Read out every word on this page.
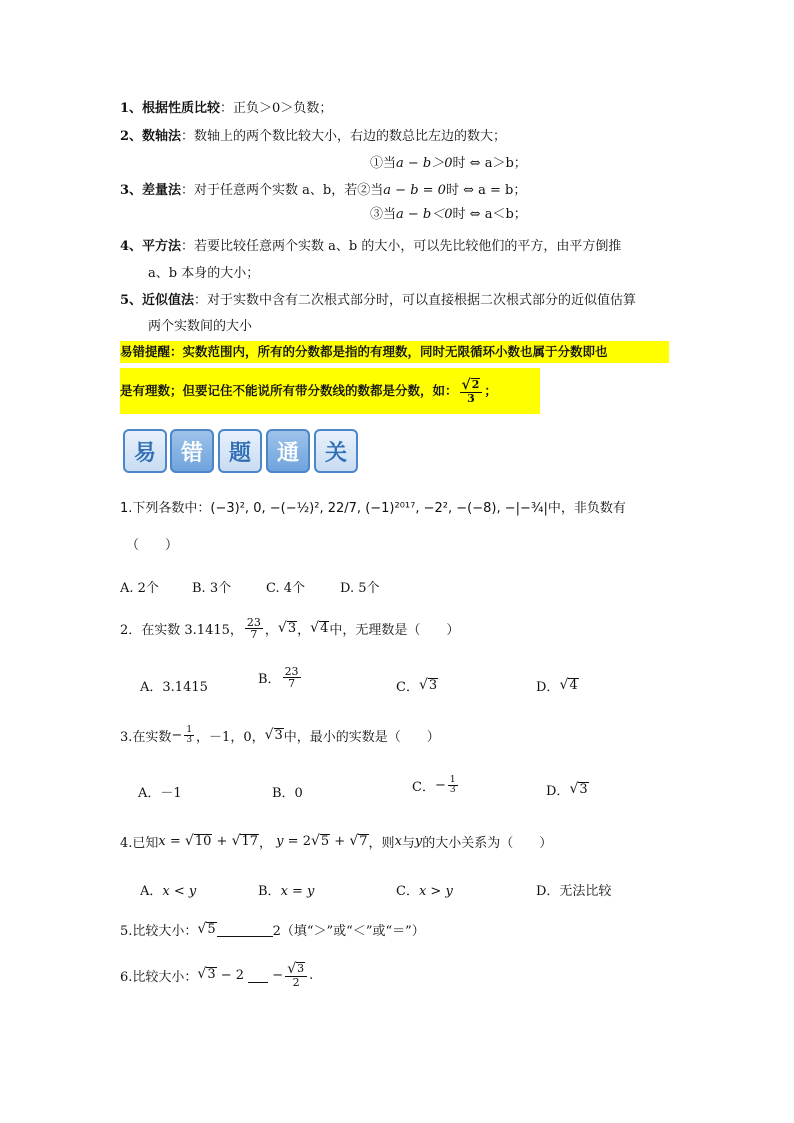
1、根据性质比较：正负＞0＞负数；
2、数轴法：数轴上的两个数比较大小，右边的数总比左边的数大；
①当a − b＞0时 ⇔ a＞b；
3、差量法：对于任意两个实数 a、b，若②当a − b = 0时 ⇔ a = b；
③当a − b＜0时 ⇔ a＜b；
4、平方法：若要比较任意两个实数 a、b 的大小，可以先比较他们的平方，由平方倒推
a、b 本身的大小；
5、近似值法：对于实数中含有二次根式部分时，可以直接根据二次根式部分的近似值估算
两个实数间的大小
易错提醒：实数范围内，所有的分数都是指的有理数，同时无限循环小数也属于分数即也
是有理数；但要记住不能说所有带分数线的数都是分数，如： $\frac{√ 2}{3}$ ；
易	错	题	通	关
1.下列各数中：(−3)², 0, −(−½)², 22/7, (−1)²⁰¹⁷, −2², −(−8), −|−¾|中，非负数有
（　　）
A. 2个	B. 3个	C. 4个	D. 5个
2．在实数 3.1415， $\frac{23}{7}$ ， √ 3 ， √ 4 中，无理数是（　　）
A．3.1415
B． $\frac{23}{7}$	C． √ 3	D． √ 4
3.在实数 − $\frac{1}{3}$ ，－1，0， √ 3 中，最小的实数是（　　）
A．－1	B．0	C． − $\frac{1}{3}$	D． √ 3
4.已知 x = √ 10 + √ 17 ， y = 2 √ 5 + √ 7 ，则 x 与 y 的大小关系为（　　）
A．x < y	B．x = y	C．x > y	D．无法比较
5.比较大小： √ 5	2（填“＞”或“＜”或“＝”）
6.比较大小： √ 3 − 2
− $\frac{√ 3}{2}$ .
